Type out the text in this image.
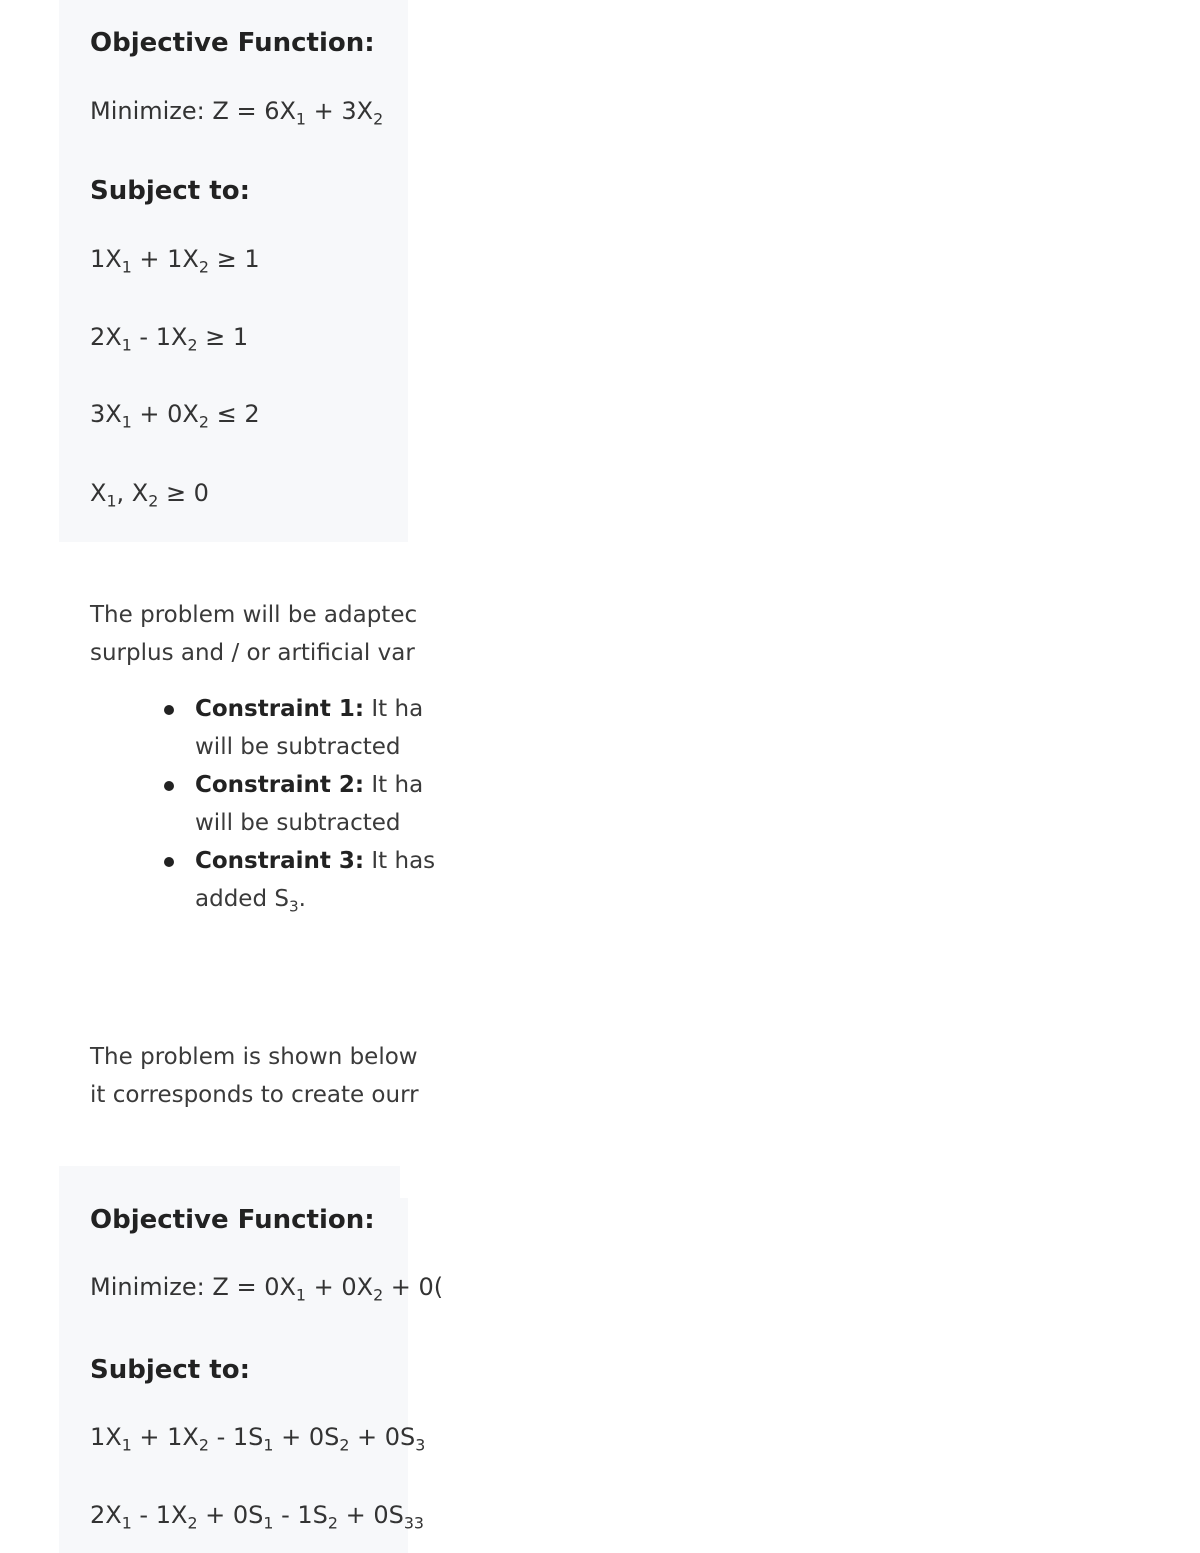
Objective Function:
Minimize: $Z = 6X_1 + 3X_2$
Subject to:
$1X_1 + 1X_2 \ge 1$
$2X_1 - 1X_2 \ge 1$
$3X_1 + 0X_2 \le 2$
$X_1$, $X_2 \ge 0$
The problem will be adaptec
surplus and / or artificial var
Constraint 1: It ha
will be subtracted
Constraint 2: It ha
will be subtracted
Constraint 3: It has
added $S_3$.
The problem is shown below
it corresponds to create ourr
Objective Function:
Minimize: $Z = 0X_1 + 0X_2 + 0$(
Subject to:
$1X_1 + 1X_2 - 1S_1 + 0S_2 + 0S_3$
$2X_1 - 1X_2 + 0S_1 - 1S_2 + 0S_{33}$
